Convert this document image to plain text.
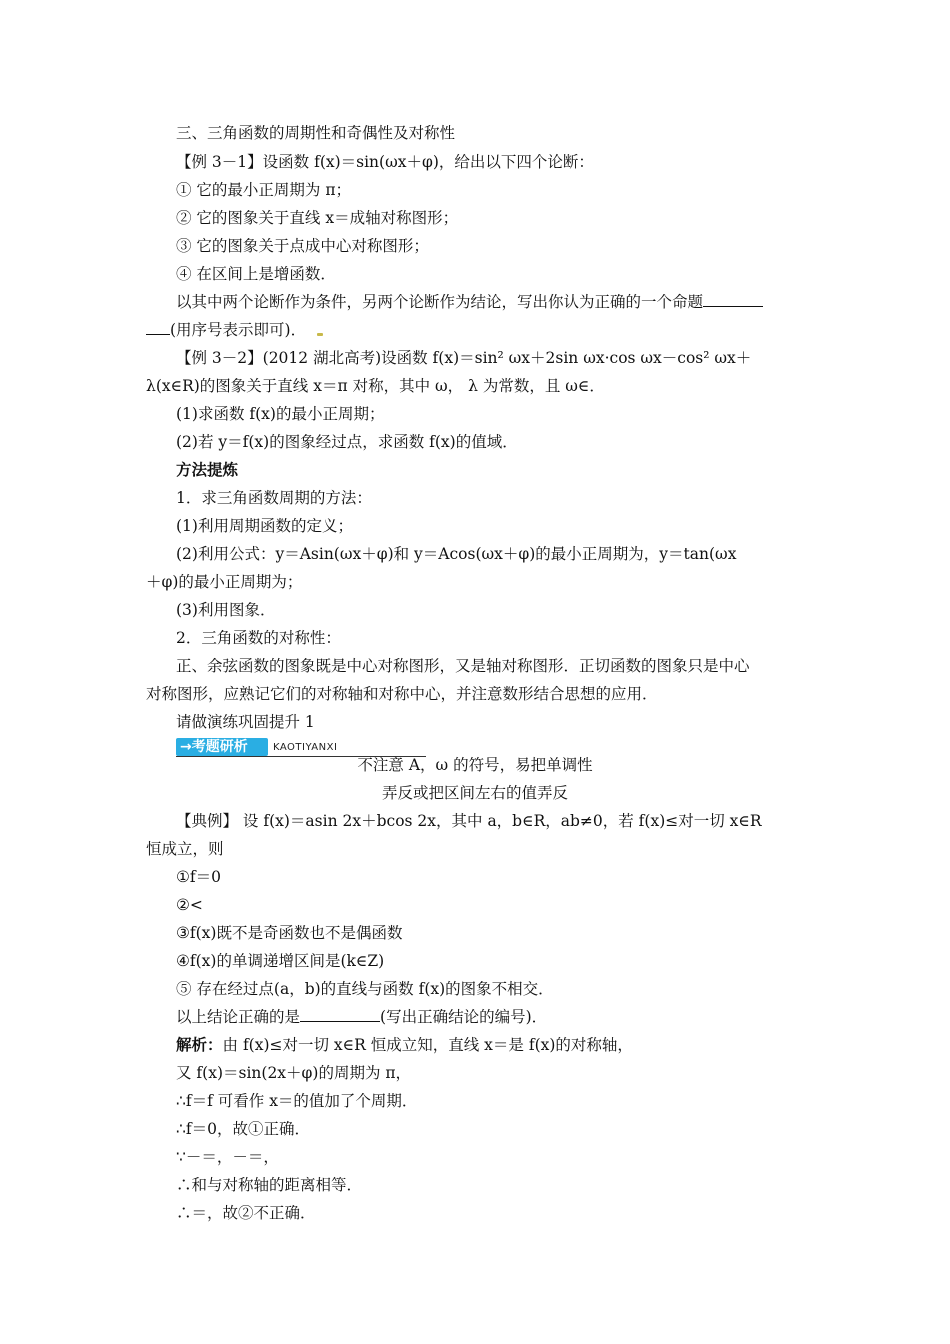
三、三角函数的周期性和奇偶性及对称性
【例 3－1】设函数 f(x)＝sin(ωx＋φ)，给出以下四个论断：
① 它的最小正周期为 π；
② 它的图象关于直线 x＝成轴对称图形；
③ 它的图象关于点成中心对称图形；
④ 在区间上是增函数．
以其中两个论断作为条件，另两个论断作为结论，写出你认为正确的一个命题
(用序号表示即可)．
【例 3－2】(2012 湖北高考)设函数 f(x)＝sin² ωx＋2sin ωx·cos ωx－cos² ωx＋
λ(x∈R)的图象关于直线 x＝π 对称，其中 ω， λ 为常数，且 ω∈．
(1)求函数 f(x)的最小正周期；
(2)若 y＝f(x)的图象经过点，求函数 f(x)的值域．
方法提炼
1．求三角函数周期的方法：
(1)利用周期函数的定义；
(2)利用公式：y＝Asin(ωx＋φ)和 y＝Acos(ωx＋φ)的最小正周期为，y＝tan(ωx
＋φ)的最小正周期为；
(3)利用图象．
2．三角函数的对称性：
正、余弦函数的图象既是中心对称图形，又是轴对称图形．正切函数的图象只是中心
对称图形，应熟记它们的对称轴和对称中心，并注意数形结合思想的应用．
请做演练巩固提升 1
→考题研析	KAOTIYANXI
不注意 A，ω 的符号，易把单调性
弄反或把区间左右的值弄反
【典例】 设 f(x)＝asin 2x＋bcos 2x，其中 a，b∈R，ab≠0，若 f(x)≤对一切 x∈R
恒成立，则
①f＝0
②<
③f(x)既不是奇函数也不是偶函数
④f(x)的单调递增区间是(k∈Z)
⑤ 存在经过点(a，b)的直线与函数 f(x)的图象不相交．
以上结论正确的是	(写出正确结论的编号)．
解析：由 f(x)≤对一切 x∈R 恒成立知，直线 x＝是 f(x)的对称轴，
又 f(x)＝sin(2x＋φ)的周期为 π，
∴f＝f 可看作 x＝的值加了个周期．
∴f＝0，故①正确．
∵－＝，－＝，
∴和与对称轴的距离相等．
∴＝，故②不正确．
